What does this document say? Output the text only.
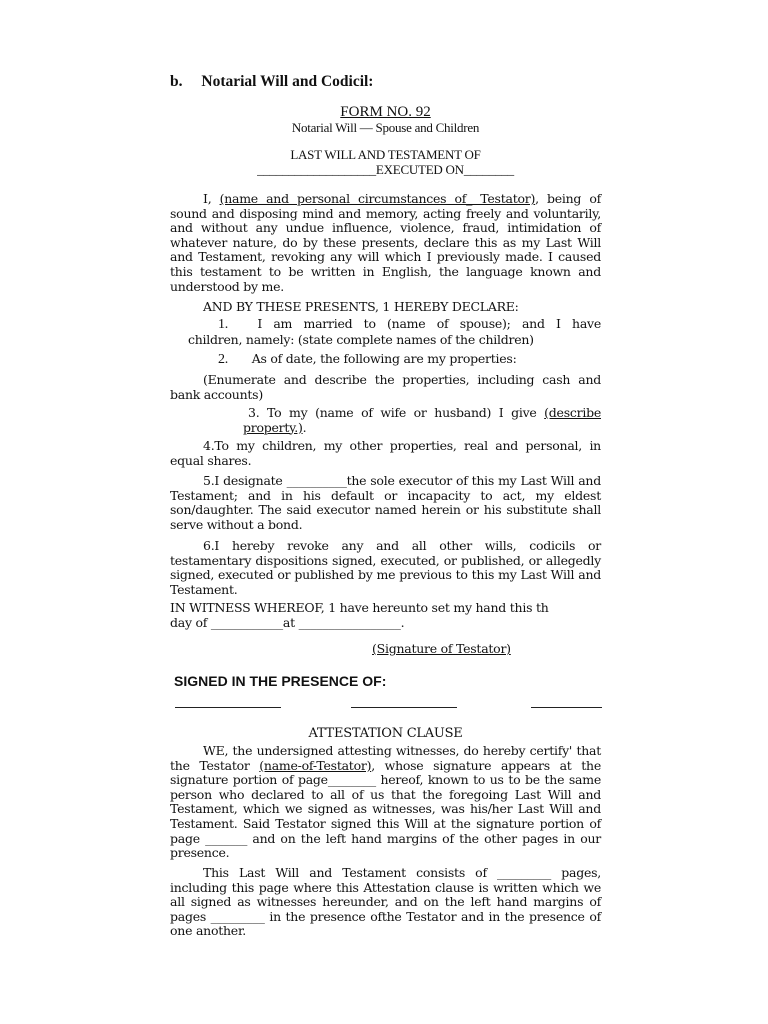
b. Notarial Will and Codicil:
FORM NO. 92
Notarial Will — Spouse and Children
LAST WILL AND TESTAMENT OF
___________________EXECUTED ON________
I, (name and personal circumstances of_ Testator), being of sound and disposing mind and memory, acting freely and voluntarily, and without any undue influence, violence, fraud, intimidation of whatever nature, do by these presents, declare this as my Last Will and Testament, revoking any will which I previously made. I caused this testament to be written in English, the language known and understood by me.
AND BY THESE PRESENTS, 1 HEREBY DECLARE:
1. I am married to (name of spouse); and I have
children, namely: (state complete names of the children)
2. As of date, the following are my properties:
(Enumerate and describe the properties, including cash and bank accounts)
3. To my (name of wife or husband) I give (describe
property.).
4.To my children, my other properties, real and personal, in equal shares.
5.I designate __________the sole executor of this my Last Will and Testament; and in his default or incapacity to act, my eldest son/daughter. The said executor named herein or his substitute shall serve without a bond.
6.I hereby revoke any and all other wills, codicils or testamentary dispositions signed, executed, or published, or allegedly signed, executed or published by me previous to this my Last Will and Testament.
IN WITNESS WHEREOF, 1 have hereunto set my hand this th
day of ____________at _________________.
(Signature of Testator)
SIGNED IN THE PRESENCE OF:
ATTESTATION CLAUSE
WE, the undersigned attesting witnesses, do hereby certify' that the Testator (name-of-Testator), whose signature appears at the signature portion of page________ hereof, known to us to be the same person who declared to all of us that the foregoing Last Will and Testament, which we signed as witnesses, was his/her Last Will and Testament. Said Testator signed this Will at the signature portion of page _______ and on the left hand margins of the other pages in our presence.
This Last Will and Testament consists of _________ pages, including this page where this Attestation clause is written which we all signed as witnesses hereunder, and on the left hand margins of pages _________ in the presence ofthe Testator and in the presence of one another.
